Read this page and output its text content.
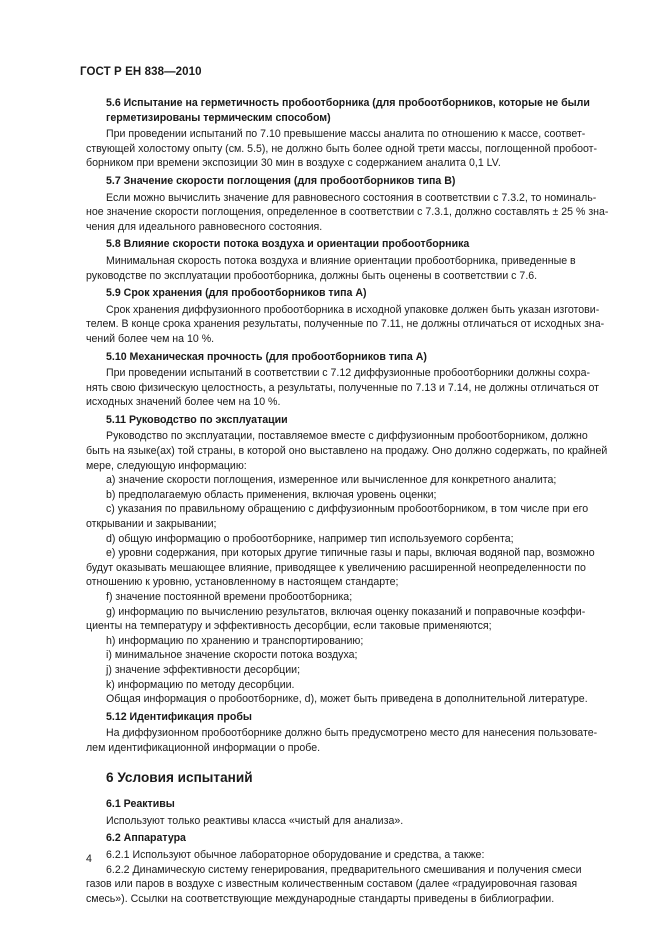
ГОСТ Р ЕН 838—2010
5.6 Испытание на герметичность пробоотборника (для пробоотборников, которые не были
герметизированы термическим способом)

При проведении испытаний по 7.10 превышение массы аналита по отношению к массе, соответ-
ствующей холостому опыту (см. 5.5), не должно быть более одной трети массы, поглощенной пробоот-
борником при времени экспозиции 30 мин в воздухе с содержанием аналита 0,1 LV.

5.7 Значение скорости поглощения (для пробоотборников типа В)

Если можно вычислить значение для равновесного состояния в соответствии с 7.3.2, то номиналь-
ное значение скорости поглощения, определенное в соответствии с 7.3.1, должно составлять ± 25 % зна-
чения для идеального равновесного состояния.

5.8 Влияние скорости потока воздуха и ориентации пробоотборника

Минимальная скорость потока воздуха и влияние ориентации пробоотборника, приведенные в
руководстве по эксплуатации пробоотборника, должны быть оценены в соответствии с 7.6.

5.9 Срок хранения (для пробоотборников типа А)

Срок хранения диффузионного пробоотборника в исходной упаковке должен быть указан изготови-
телем. В конце срока хранения результаты, полученные по 7.11, не должны отличаться от исходных зна-
чений более чем на 10 %.

5.10 Механическая прочность (для пробоотборников типа А)

При проведении испытаний в соответствии с 7.12 диффузионные пробоотборники должны сохра-
нять свою физическую целостность, а результаты, полученные по 7.13 и 7.14, не должны отличаться от
исходных значений более чем на 10 %.

5.11 Руководство по эксплуатации

Руководство по эксплуатации, поставляемое вместе с диффузионным пробоотборником, должно
быть на языке(ах) той страны, в которой оно выставлено на продажу. Оно должно содержать, по крайней
мере, следующую информацию:

a) значение скорости поглощения, измеренное или вычисленное для конкретного аналита;

b) предполагаемую область применения, включая уровень оценки;

c) указания по правильному обращению с диффузионным пробоотборником, в том числе при его
открывании и закрывании;

d) общую информацию о пробоотборнике, например тип используемого сорбента;

e) уровни содержания, при которых другие типичные газы и пары, включая водяной пар, возможно
будут оказывать мешающее влияние, приводящее к увеличению расширенной неопределенности по
отношению к уровню, установленному в настоящем стандарте;

f) значение постоянной времени пробоотборника;

g) информацию по вычислению результатов, включая оценку показаний и поправочные коэффи-
циенты на температуру и эффективность десорбции, если таковые применяются;

h) информацию по хранению и транспортированию;

i) минимальное значение скорости потока воздуха;

j) значение эффективности десорбции;

k) информацию по методу десорбции.

Общая информация о пробоотборнике, d), может быть приведена в дополнительной литературе.

5.12 Идентификация пробы

На диффузионном пробоотборнике должно быть предусмотрено место для нанесения пользовате-
лем идентификационной информации о пробе.

6 Условия испытаний
6.1 Реактивы

Используют только реактивы класса «чистый для анализа».

6.2 Аппаратура

6.2.1 Используют обычное лабораторное оборудование и средства, а также:

6.2.2 Динамическую систему генерирования, предварительного смешивания и получения смеси
газов или паров в воздухе с известным количественным составом (далее «градуировочная газовая
смесь»). Ссылки на соответствующие международные стандарты приведены в библиографии.

4
